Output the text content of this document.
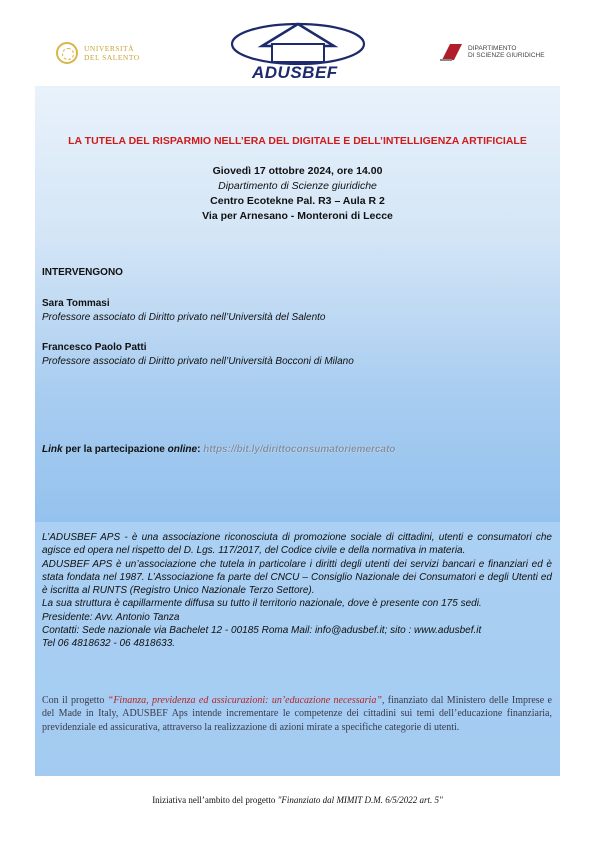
UNIVERSITÀ
DEL SALENTO
ADUSBEF
DIPARTIMENTO
DI SCIENZE GIURIDICHE
LA TUTELA DEL RISPARMIO NELL’ERA DEL DIGITALE E DELL’INTELLIGENZA ARTIFICIALE
Giovedì 17 ottobre 2024, ore 14.00
Dipartimento di Scienze giuridiche
Centro Ecotekne Pal. R3 – Aula R 2
Via per Arnesano - Monteroni di Lecce
INTERVENGONO
Sara Tommasi
Professore associato di Diritto privato nell’Università del Salento
Francesco Paolo Patti
Professore associato di Diritto privato nell’Università Bocconi di Milano
Link per la partecipazione online: https://bit.ly/dirittoconsumatoriemercato

L’ADUSBEF APS - è una associazione riconosciuta di promozione sociale di cittadini, utenti e consumatori che agisce ed opera nel rispetto del D. Lgs. 117/2017, del Codice civile e della normativa in materia.

ADUSBEF APS è un’associazione che tutela in particolare i diritti degli utenti dei servizi bancari e finanziari ed è stata fondata nel 1987. L’Associazione fa parte del CNCU – Consiglio Nazionale dei Consumatori e degli Utenti ed è iscritta al RUNTS (Registro Unico Nazionale Terzo Settore).

La sua struttura è capillarmente diffusa su tutto il territorio nazionale, dove è presente con 175 sedi.

Presidente: Avv. Antonio Tanza

Contatti: Sede nazionale via Bachelet 12 - 00185 Roma Mail: info@adusbef.it; sito : www.adusbef.it

Tel 06 4818632 - 06 4818633.

Con il progetto “Finanza, previdenza ed assicurazioni: un’educazione necessaria”, finanziato dal Ministero delle Imprese e del Made in Italy, ADUSBEF Aps intende incrementare le competenze dei cittadini sui temi dell’educazione finanziaria, previdenziale ed assicurativa, attraverso la realizzazione di azioni mirate a specifiche categorie di utenti.
Iniziativa nell’ambito del progetto "Finanziato dal MIMIT D.M. 6/5/2022 art. 5"
